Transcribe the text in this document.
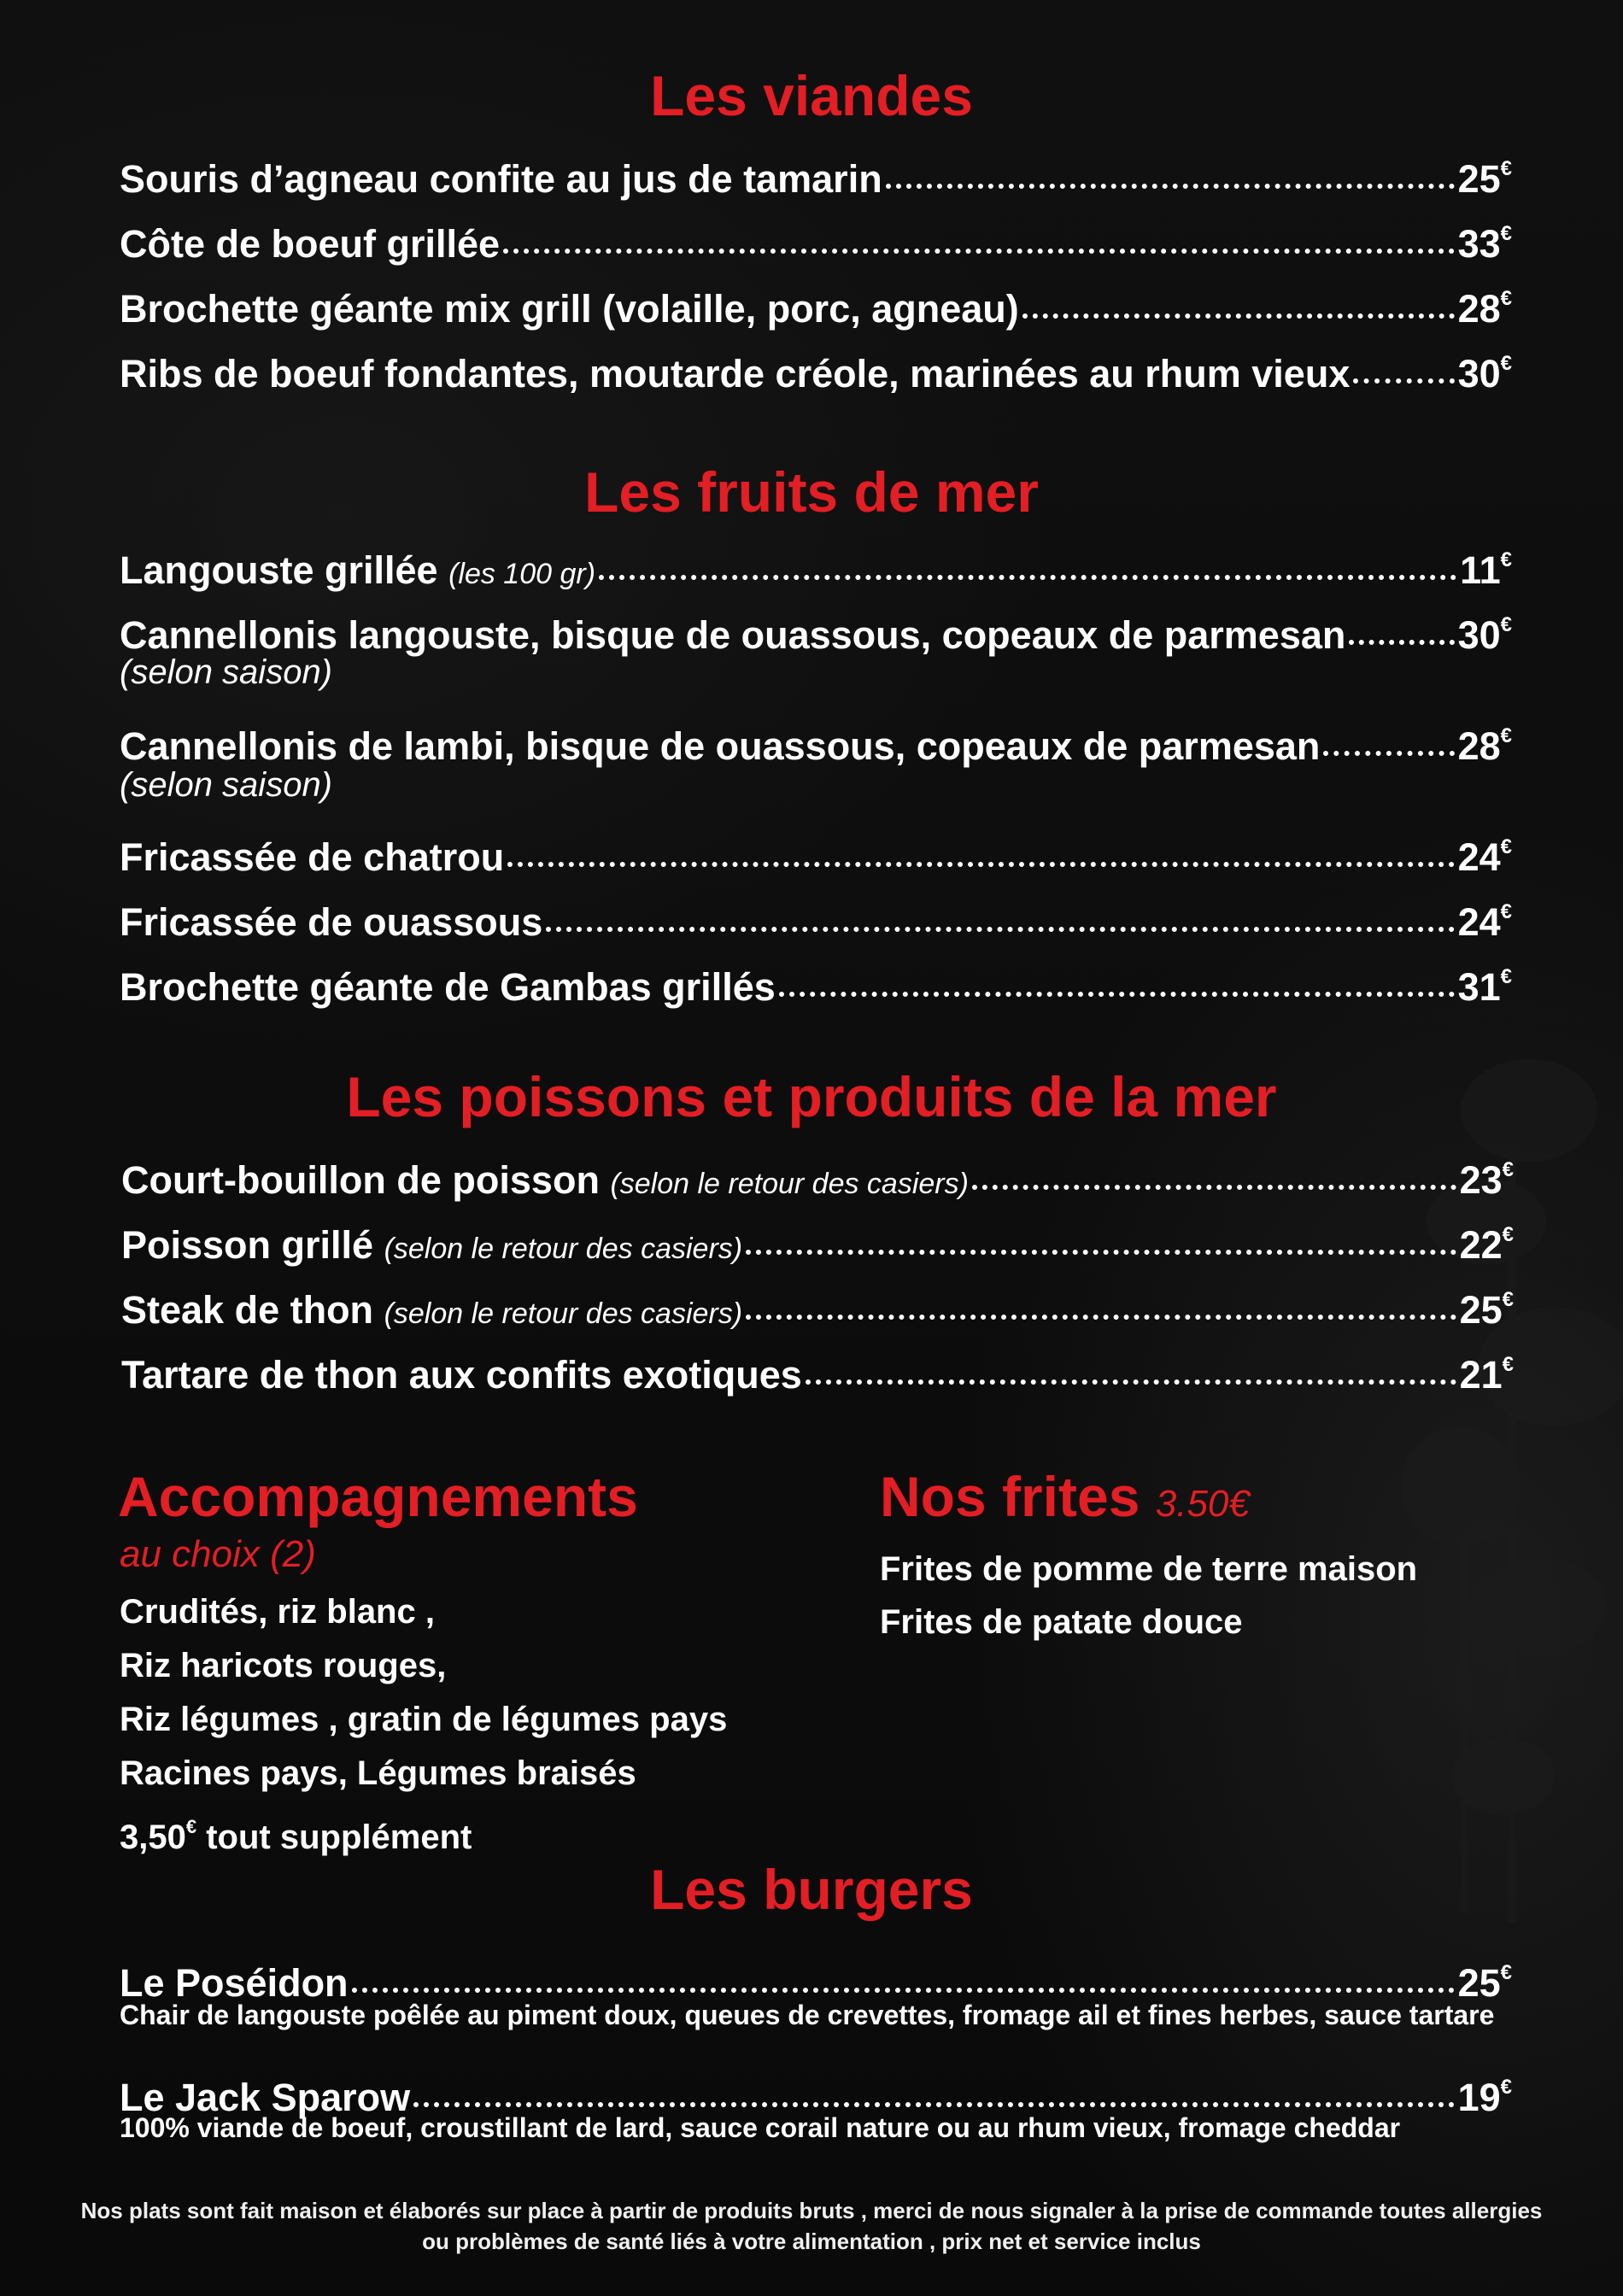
Les viandes
Souris d’agneau confite au jus de tamarin	25€
Côte de boeuf grillée	33€
Brochette géante mix grill (volaille, porc, agneau)	28€
Ribs de boeuf fondantes, moutarde créole, marinées au rhum vieux	30€
Les fruits de mer
Langouste grillée (les 100 gr)	11€
Cannellonis langouste, bisque de ouassous, copeaux de parmesan	30€
(selon saison)
Cannellonis de lambi, bisque de ouassous, copeaux de parmesan	28€
(selon saison)
Fricassée de chatrou	24€
Fricassée de ouassous	24€
Brochette géante de Gambas grillés	31€
Les poissons et produits de la mer
Court-bouillon de poisson (selon le retour des casiers)	23€
Poisson grillé (selon le retour des casiers)	22€
Steak de thon (selon le retour des casiers)	25€
Tartare de thon aux confits exotiques	21€
Accompagnements
au choix (2)
Crudités, riz blanc ,
Riz haricots rouges,
Riz légumes , gratin de légumes pays
Racines pays, Légumes braisés
3,50€ tout supplément
Nos frites 3.50€
Frites de pomme de terre maison
Frites de patate douce
Les burgers
Le Poséidon	25€
Chair de langouste poêlée au piment doux, queues de crevettes, fromage ail et fines herbes, sauce tartare
Le Jack Sparow	19€
100% viande de boeuf, croustillant de lard, sauce corail nature ou au rhum vieux, fromage cheddar
Nos plats sont fait maison et élaborés sur place à partir de produits bruts , merci de nous signaler à la prise de commande toutes allergies
ou problèmes de santé liés à votre alimentation , prix net et service inclus
